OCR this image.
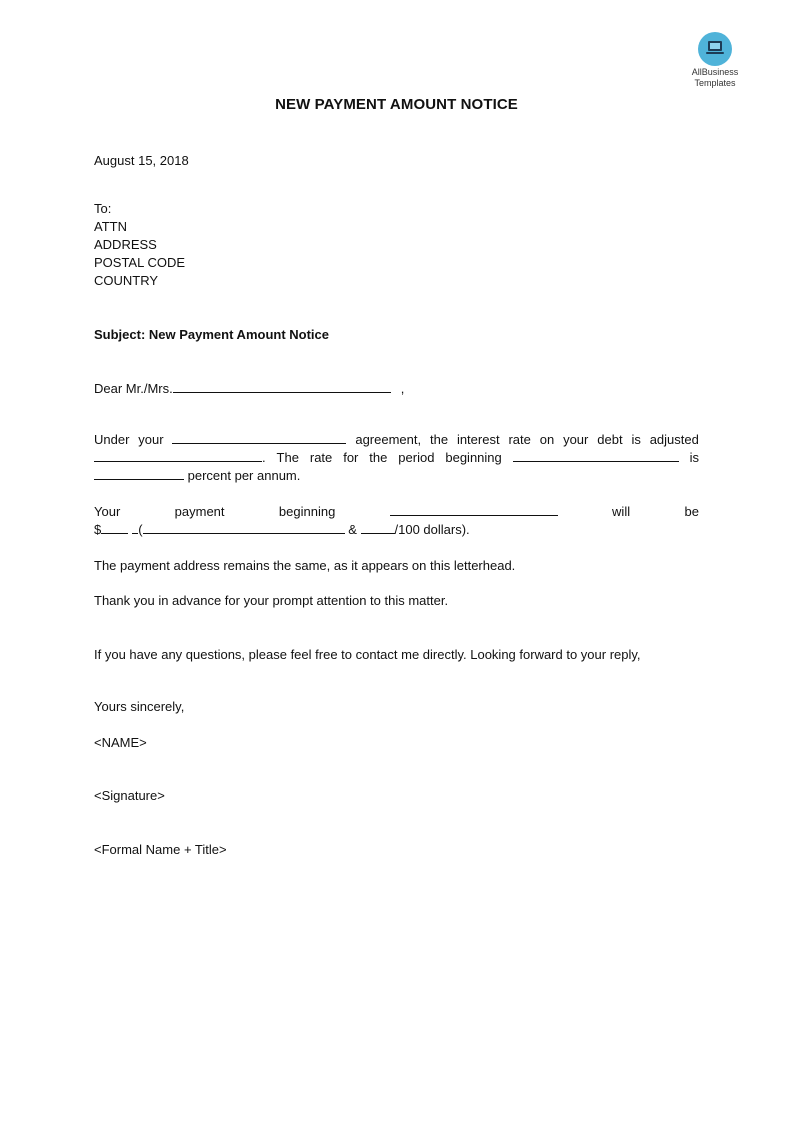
AllBusiness
Templates
NEW PAYMENT AMOUNT NOTICE
August 15, 2018
To:
ATTN
ADDRESS
POSTAL CODE
COUNTRY
Subject: New Payment Amount Notice
Dear Mr./Mrs.	,
Under your	agreement, the interest rate on your debt is adjusted
. The rate for the period beginning	is
percent per annum.
Your	payment	beginning	will	be
$	(	&	/100 dollars).
The payment address remains the same, as it appears on this letterhead.
Thank you in advance for your prompt attention to this matter.
If you have any questions, please feel free to contact me directly. Looking forward to your reply,
Yours sincerely,
<NAME>
<Signature>
<Formal Name + Title>
